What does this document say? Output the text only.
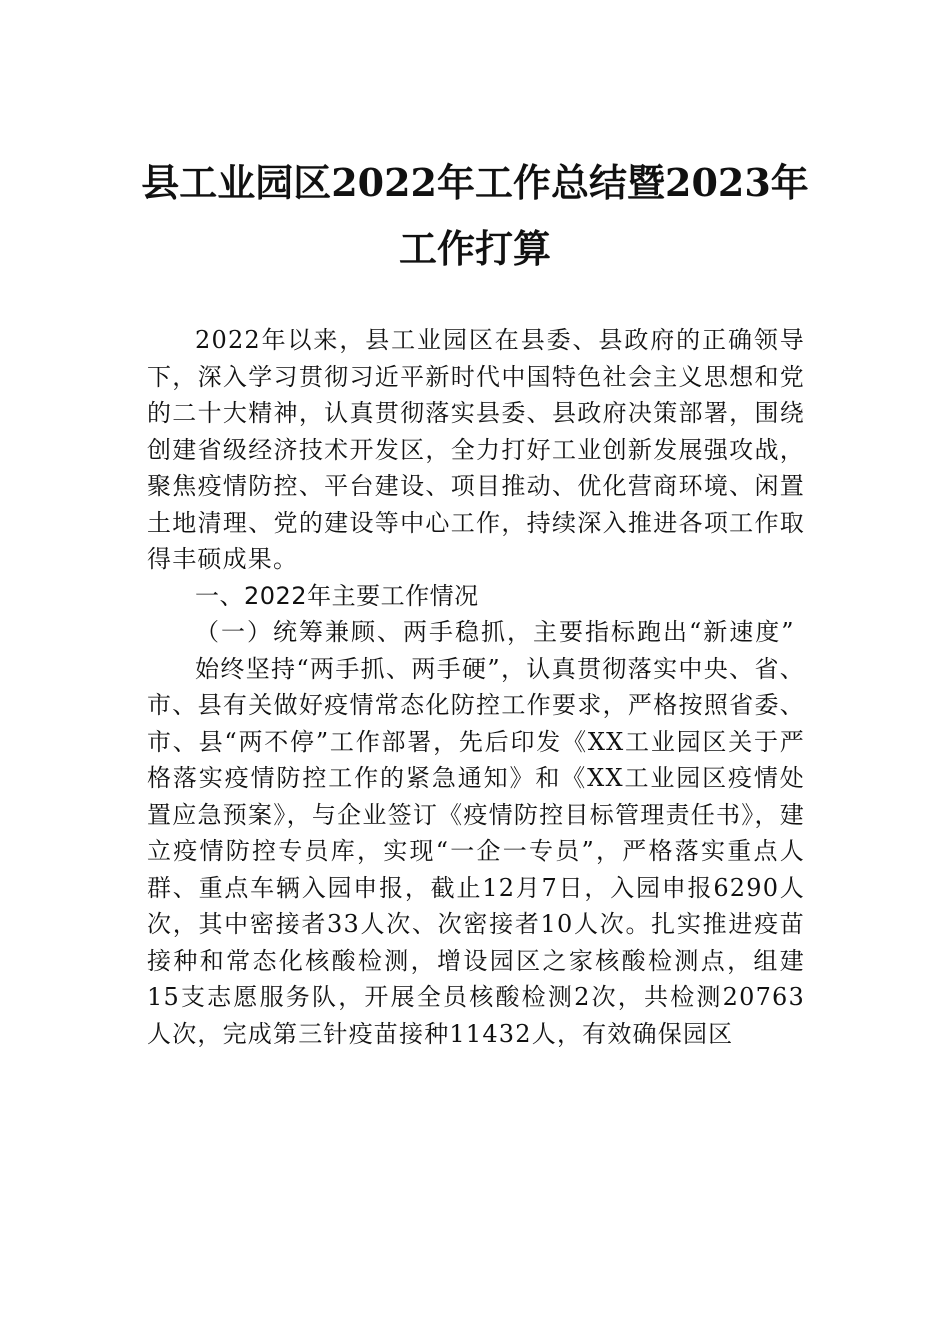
县工业园区2022年工作总结暨2023年工作打算

2022年以来，县工业园区在县委、县政府的正确领导下，深入学习贯彻习近平新时代中国特色社会主义思想和党的二十大精神，认真贯彻落实县委、县政府决策部署，围绕创建省级经济技术开发区，全力打好工业创新发展强攻战，聚焦疫情防控、平台建设、项目推动、优化营商环境、闲置土地清理、党的建设等中心工作，持续深入推进各项工作取得丰硕成果。

一、2022年主要工作情况

（一）统筹兼顾、两手稳抓，主要指标跑出“新速度”

始终坚持“两手抓、两手硬”，认真贯彻落实中央、省、市、县有关做好疫情常态化防控工作要求，严格按照省委、市、县“两不停”工作部署，先后印发《XX工业园区关于严格落实疫情防控工作的紧急通知》和《XX工业园区疫情处置应急预案》，与企业签订《疫情防控目标管理责任书》，建立疫情防控专员库，实现“一企一专员”，严格落实重点人群、重点车辆入园申报，截止12月7日，入园申报6290人次，其中密接者33人次、次密接者10人次。扎实推进疫苗接种和常态化核酸检测，增设园区之家核酸检测点，组建15支志愿服务队，开展全员核酸检测2次，共检测20763人次，完成第三针疫苗接种11432人，有效确保园区
